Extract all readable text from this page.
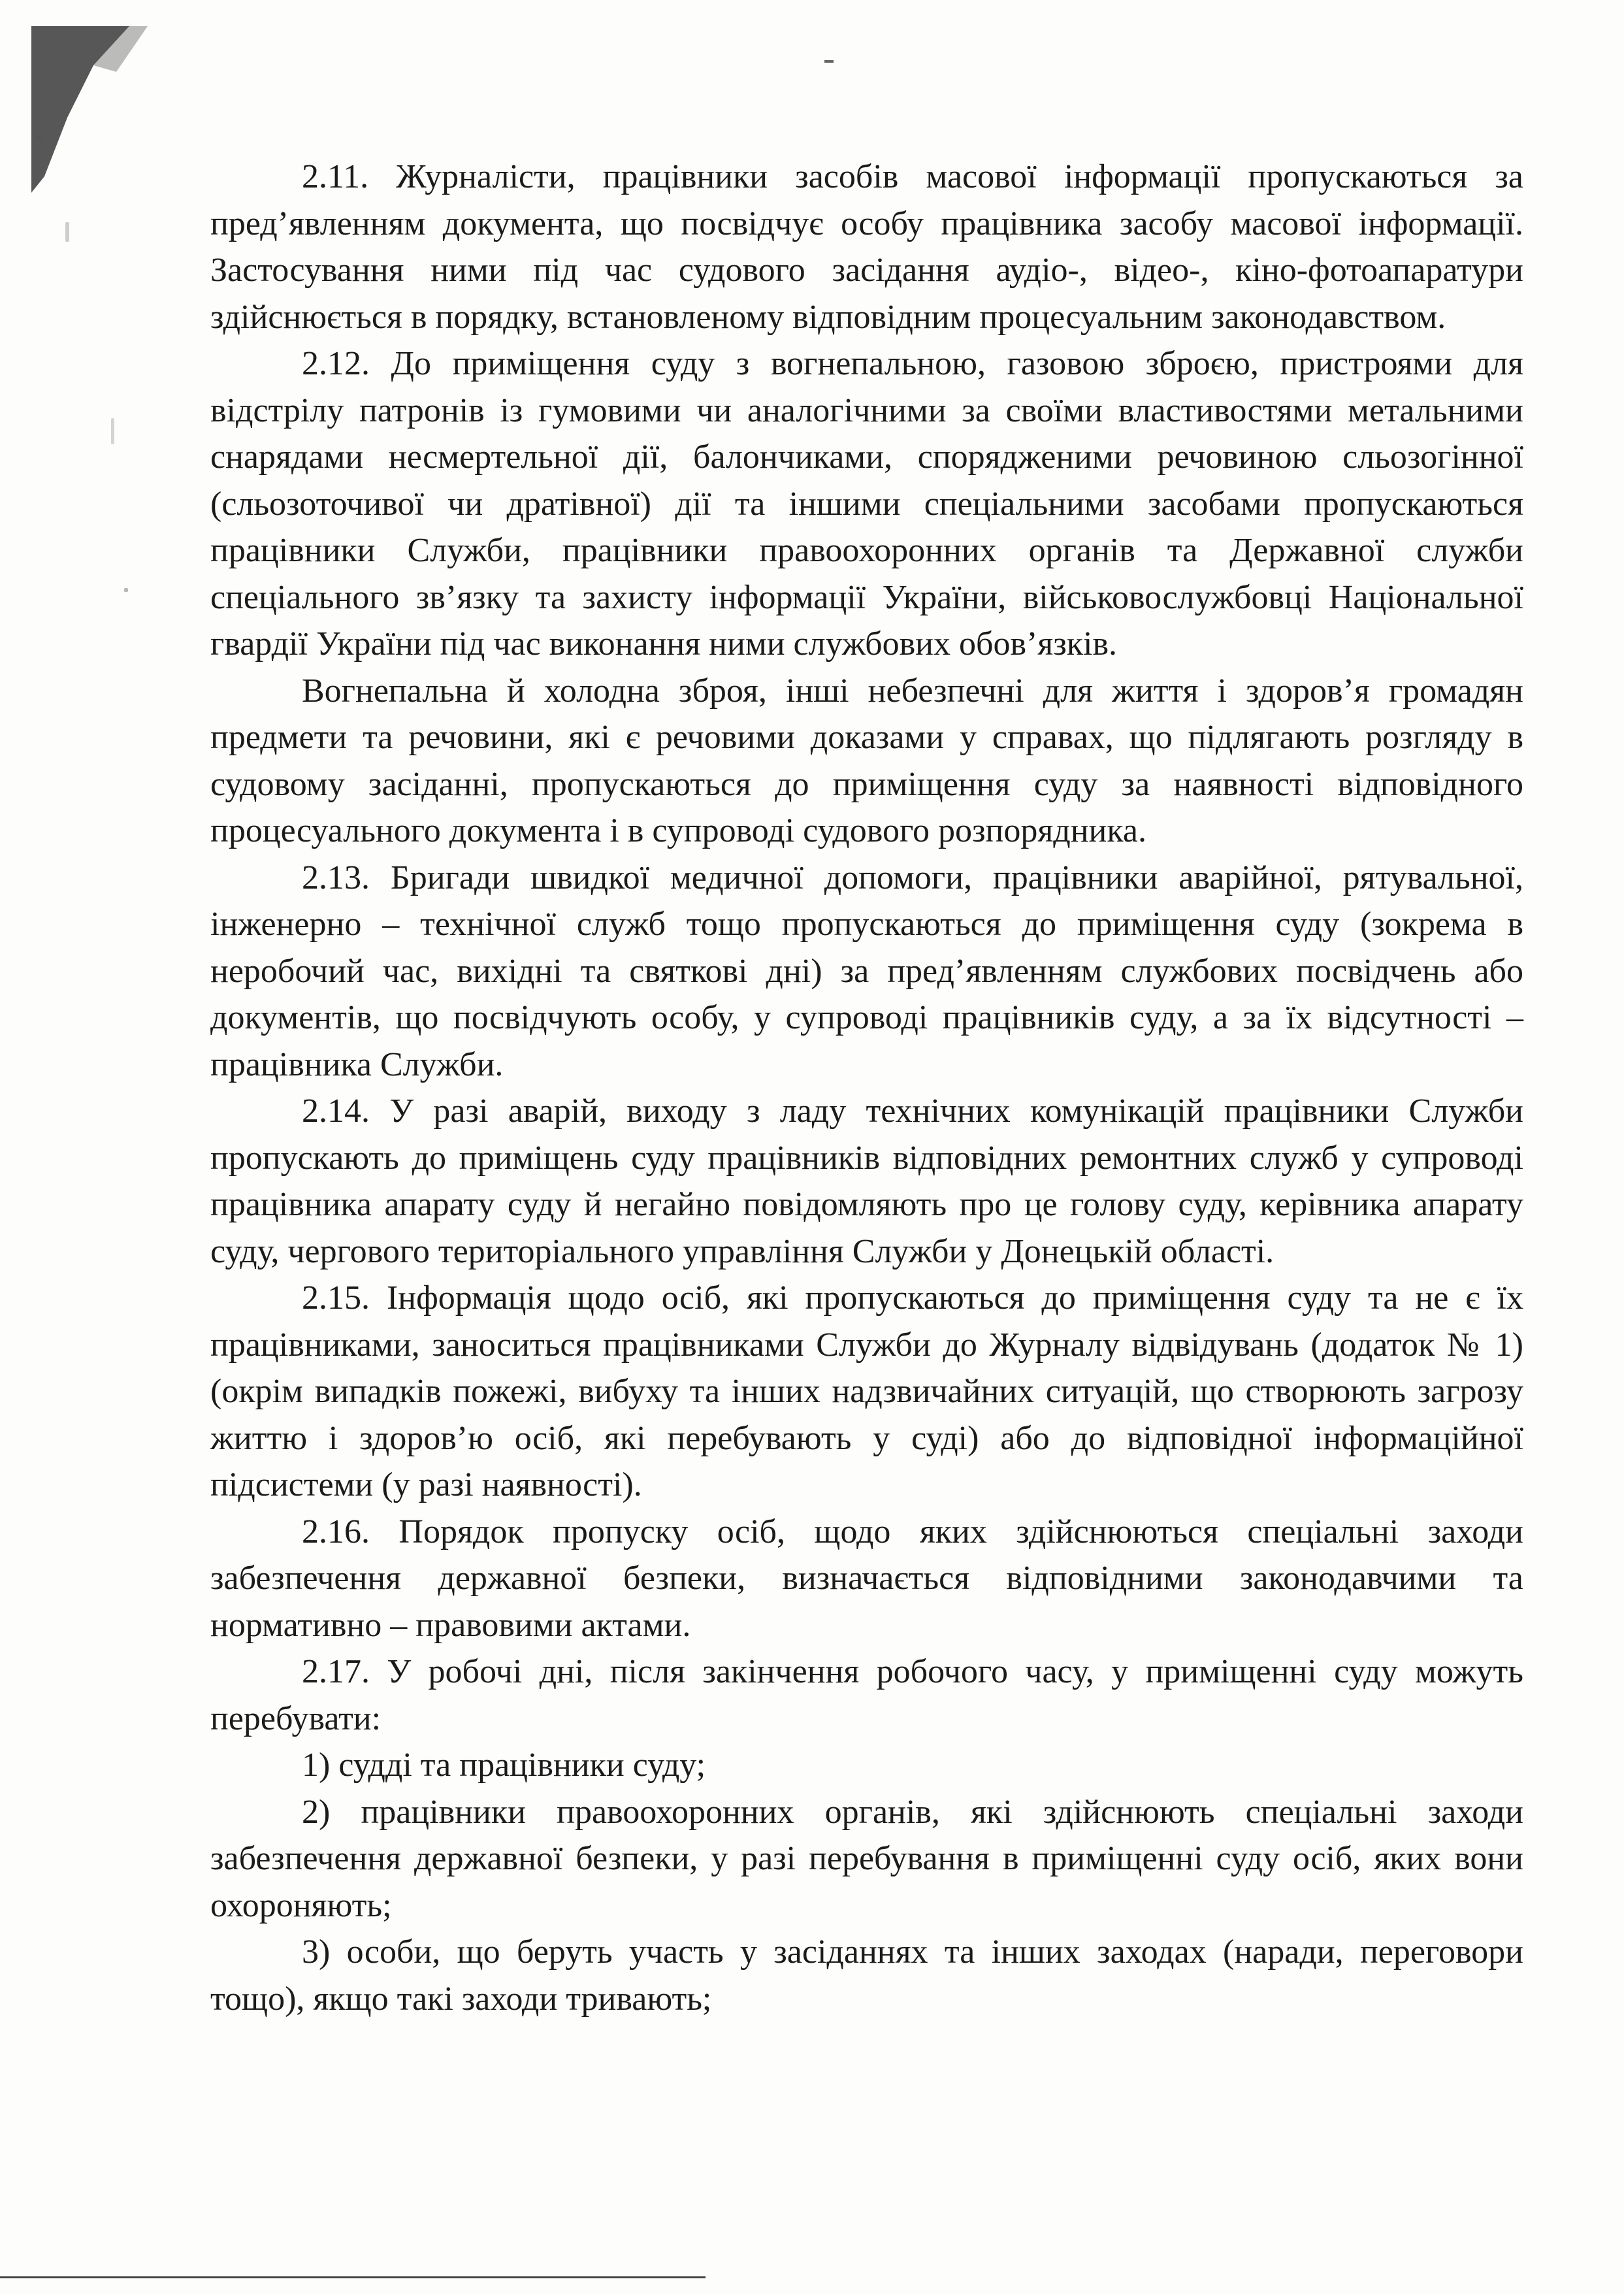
2.11. Журналісти, працівники засобів масової інформації пропускаються за пред’явленням документа, що посвідчує особу працівника засобу масової інформації. Застосування ними під час судового засідання аудіо-, відео-, кіно-фотоапаратури здійснюється в порядку, встановленому відповідним процесуальним законодавством.

2.12. До приміщення суду з вогнепальною, газовою зброєю, пристроями для відстрілу патронів із гумовими чи аналогічними за своїми властивостями метальними снарядами несмертельної дії, балончиками, спорядженими речовиною сльозогінної (сльозоточивої чи дратівної) дії та іншими спеціальними засобами пропускаються працівники Служби, працівники правоохоронних органів та Державної служби спеціального зв’язку та захисту інформації України, військовослужбовці Національної гвардії України під час виконання ними службових обов’язків.

Вогнепальна й холодна зброя, інші небезпечні для життя і здоров’я громадян предмети та речовини, які є речовими доказами у справах, що підлягають розгляду в судовому засіданні, пропускаються до приміщення суду за наявності відповідного процесуального документа і в супроводі судового розпорядника.

2.13. Бригади швидкої медичної допомоги, працівники аварійної, рятувальної, інженерно – технічної служб тощо пропускаються до приміщення суду (зокрема в неробочий час, вихідні та святкові дні) за пред’явленням службових посвідчень або документів, що посвідчують особу, у супроводі працівників суду, а за їх відсутності – працівника Служби.

2.14. У разі аварій, виходу з ладу технічних комунікацій працівники Служби пропускають до приміщень суду працівників відповідних ремонтних служб у супроводі працівника апарату суду й негайно повідомляють про це голову суду, керівника апарату суду, чергового територіального управління Служби у Донецькій області.

2.15. Інформація щодо осіб, які пропускаються до приміщення суду та не є їх працівниками, заноситься працівниками Служби до Журналу відвідувань (додаток № 1) (окрім випадків пожежі, вибуху та інших надзвичайних ситуацій, що створюють загрозу життю і здоров’ю осіб, які перебувають у суді) або до відповідної інформаційної підсистеми (у разі наявності).

2.16. Порядок пропуску осіб, щодо яких здійснюються спеціальні заходи забезпечення державної безпеки, визначається відповідними законодавчими та нормативно – правовими актами.

2.17. У робочі дні, після закінчення робочого часу, у приміщенні суду можуть перебувати:

1) судді та працівники суду;

2) працівники правоохоронних органів, які здійснюють спеціальні заходи забезпечення державної безпеки, у разі перебування в приміщенні суду осіб, яких вони охороняють;

3) особи, що беруть участь у засіданнях та інших заходах (наради, переговори тощо), якщо такі заходи тривають;
